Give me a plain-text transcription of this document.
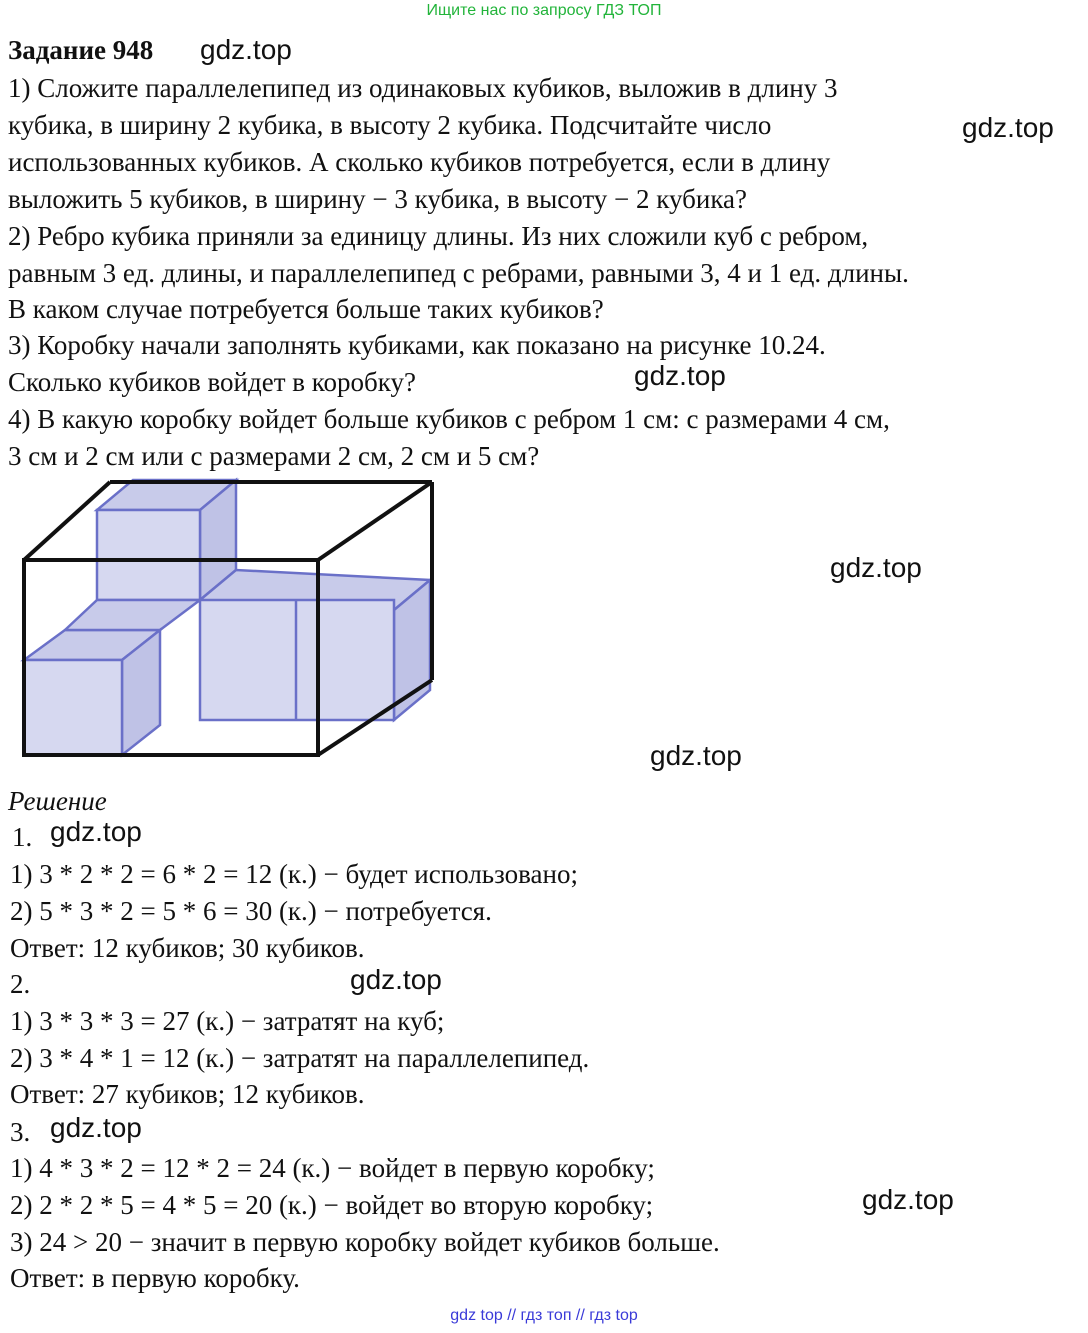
Ищите нас по запросу ГДЗ ТОП
Задание 948 gdz.top
1) Сложите параллелепипед из одинаковых кубиков, выложив в длину 3
кубика, в ширину 2 кубика, в высоту 2 кубика. Подсчитайте число	gdz.top
использованных кубиков. А сколько кубиков потребуется, если в длину
выложить 5 кубиков, в ширину − 3 кубика, в высоту − 2 кубика?
2) Ребро кубика приняли за единицу длины. Из них сложили куб с ребром,
равным 3 ед. длины, и параллелепипед с ребрами, равными 3, 4 и 1 ед. длины.
В каком случае потребуется больше таких кубиков?
3) Коробку начали заполнять кубиками, как показано на рисунке 10.24.
Сколько кубиков войдет в коробку?	gdz.top
4) В какую коробку войдет больше кубиков с ребром 1 см: с размерами 4 см,
3 см и 2 см или с размерами 2 см, 2 см и 5 см?
gdz.top
gdz.top
Решение
1. gdz.top
1) 3 * 2 * 2 = 6 * 2 = 12 (к.) − будет использовано;
2) 5 * 3 * 2 = 5 * 6 = 30 (к.) − потребуется.
Ответ: 12 кубиков; 30 кубиков.
2.	gdz.top
1) 3 * 3 * 3 = 27 (к.) − затратят на куб;
2) 3 * 4 * 1 = 12 (к.) − затратят на параллелепипед.
Ответ: 27 кубиков; 12 кубиков.
3. gdz.top
1) 4 * 3 * 2 = 12 * 2 = 24 (к.) − войдет в первую коробку;
2) 2 * 2 * 5 = 4 * 5 = 20 (к.) − войдет во вторую коробку;	gdz.top
3) 24 > 20 − значит в первую коробку войдет кубиков больше.
Ответ: в первую коробку.
gdz top // гдз топ // гдз top
